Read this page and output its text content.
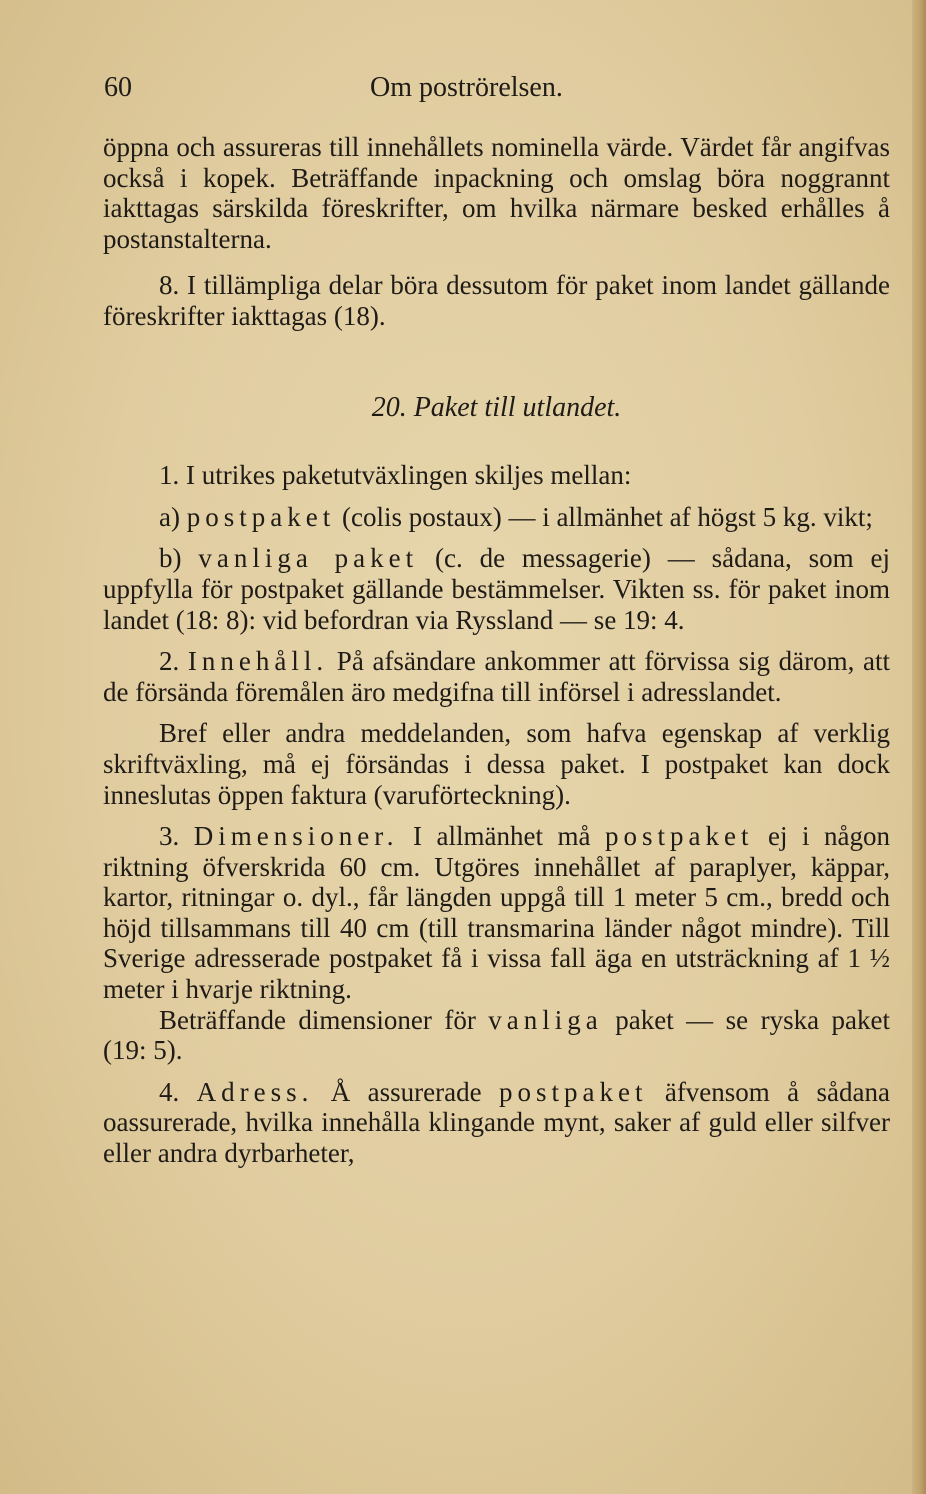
60	Om poströrelsen.

öppna och assureras till innehållets nominella värde. Värdet får angifvas också i kopek. Beträffande inpackning och omslag böra noggrannt iakttagas särskilda föreskrifter, om hvilka närmare besked erhålles å postanstalterna.

8. I tillämpliga delar böra dessutom för paket inom landet gällande föreskrifter iakttagas (18).

20. Paket till utlandet.

1. I utrikes paketutväxlingen skiljes mellan:

a) postpaket (colis postaux) — i allmänhet af högst 5 kg. vikt;

b) vanliga paket (c. de messagerie) — sådana, som ej uppfylla för postpaket gällande bestämmelser. Vikten ss. för paket inom landet (18: 8): vid befordran via Ryssland — se 19: 4.

2. Innehåll. På afsändare ankommer att förvissa sig därom, att de försända föremålen äro medgifna till införsel i adresslandet.

Bref eller andra meddelanden, som hafva egenskap af verklig skriftväxling, må ej försändas i dessa paket. I postpaket kan dock inneslutas öppen faktura (varuförteckning).

3. Dimensioner. I allmänhet må postpaket ej i någon riktning öfverskrida 60 cm. Utgöres innehållet af paraplyer, käppar, kartor, ritningar o. dyl., får längden uppgå till 1 meter 5 cm., bredd och höjd tillsammans till 40 cm (till transmarina länder något mindre). Till Sverige adresserade postpaket få i vissa fall äga en utsträckning af 1 ½ meter i hvarje riktning.

Beträffande dimensioner för vanliga paket — se ryska paket (19: 5).

4. Adress. Å assurerade postpaket äfvensom å sådana oassurerade, hvilka innehålla klingande mynt, saker af guld eller silfver eller andra dyrbarheter,
